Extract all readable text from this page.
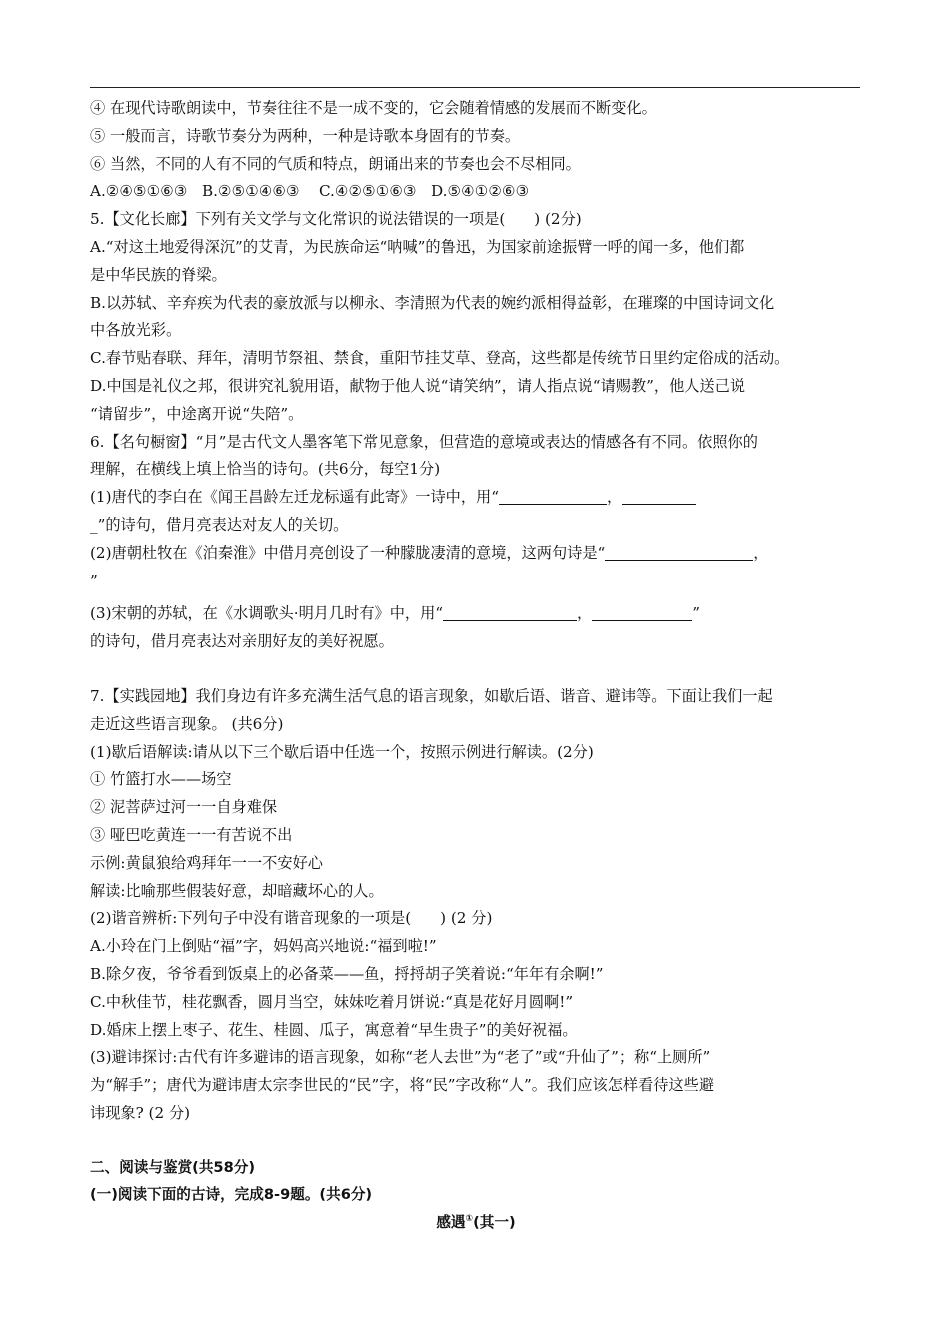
④ 在现代诗歌朗读中，节奏往往不是一成不变的，它会随着情感的发展而不断变化。
⑤ 一般而言，诗歌节奏分为两种，一种是诗歌本身固有的节奏。
⑥ 当然，不同的人有不同的气质和特点，朗诵出来的节奏也会不尽相同。
A.②④⑤①⑥③   B.②⑤①④⑥③    C.④②⑤①⑥③   D.⑤④①②⑥③
5.【文化长廊】下列有关文学与文化常识的说法错误的一项是(      ) (2分)
A.“对这土地爱得深沉”的艾青，为民族命运“呐喊”的鲁迅，为国家前途振臂一呼的闻一多，他们都
是中华民族的脊梁。
B.以苏轼、辛弃疾为代表的豪放派与以柳永、李清照为代表的婉约派相得益彰，在璀璨的中国诗词文化
中各放光彩。
C.春节贴春联、拜年，清明节祭祖、禁食，重阳节挂艾草、登高，这些都是传统节日里约定俗成的活动。
D.中国是礼仪之邦，很讲究礼貌用语，献物于他人说“请笑纳”，请人指点说“请赐教”，他人送己说
“请留步”，中途离开说“失陪”。
6.【名句橱窗】“月”是古代文人墨客笔下常见意象，但营造的意境或表达的情感各有不同。依照你的
理解，在横线上填上恰当的诗句。(共6分，每空1分)
(1)唐代的李白在《闻王昌龄左迁龙标遥有此寄》一诗中，用“	，
_”的诗句，借月亮表达对友人的关切。
(2)唐朝杜牧在《泊秦淮》中借月亮创设了一种朦胧凄清的意境，这两句诗是“	，
”
(3)宋朝的苏轼，在《水调歌头·明月几时有》中，用“	，	”
的诗句，借月亮表达对亲朋好友的美好祝愿。
7.【实践园地】我们身边有许多充满生活气息的语言现象，如歇后语、谐音、避讳等。下面让我们一起
走近这些语言现象。 (共6分)
(1)歇后语解读:请从以下三个歇后语中任选一个，按照示例进行解读。(2分)
① 竹篮打水——场空
② 泥菩萨过河一一自身难保
③ 哑巴吃黄连一一有苦说不出
示例:黄鼠狼给鸡拜年一一不安好心
解读:比喻那些假装好意，却暗藏坏心的人。
(2)谐音辨析:下列句子中没有谐音现象的一项是(      ) (2 分)
A.小玲在门上倒贴“福”字，妈妈高兴地说:“福到啦!”
B.除夕夜，爷爷看到饭桌上的必备菜——鱼，捋捋胡子笑着说:“年年有余啊!”
C.中秋佳节，桂花飘香，圆月当空，妹妹吃着月饼说:“真是花好月圆啊!”
D.婚床上摆上枣子、花生、桂圆、瓜子，寓意着“早生贵子”的美好祝福。
(3)避讳探讨:古代有许多避讳的语言现象，如称“老人去世”为“老了”或“升仙了”；称“上厕所”
为“解手”；唐代为避讳唐太宗李世民的“民”字，将“民”字改称“人”。我们应该怎样看待这些避
讳现象? (2 分)
二、阅读与鉴赏(共58分)
(一)阅读下面的古诗，完成8-9题。(共6分)
感遇①(其一)
